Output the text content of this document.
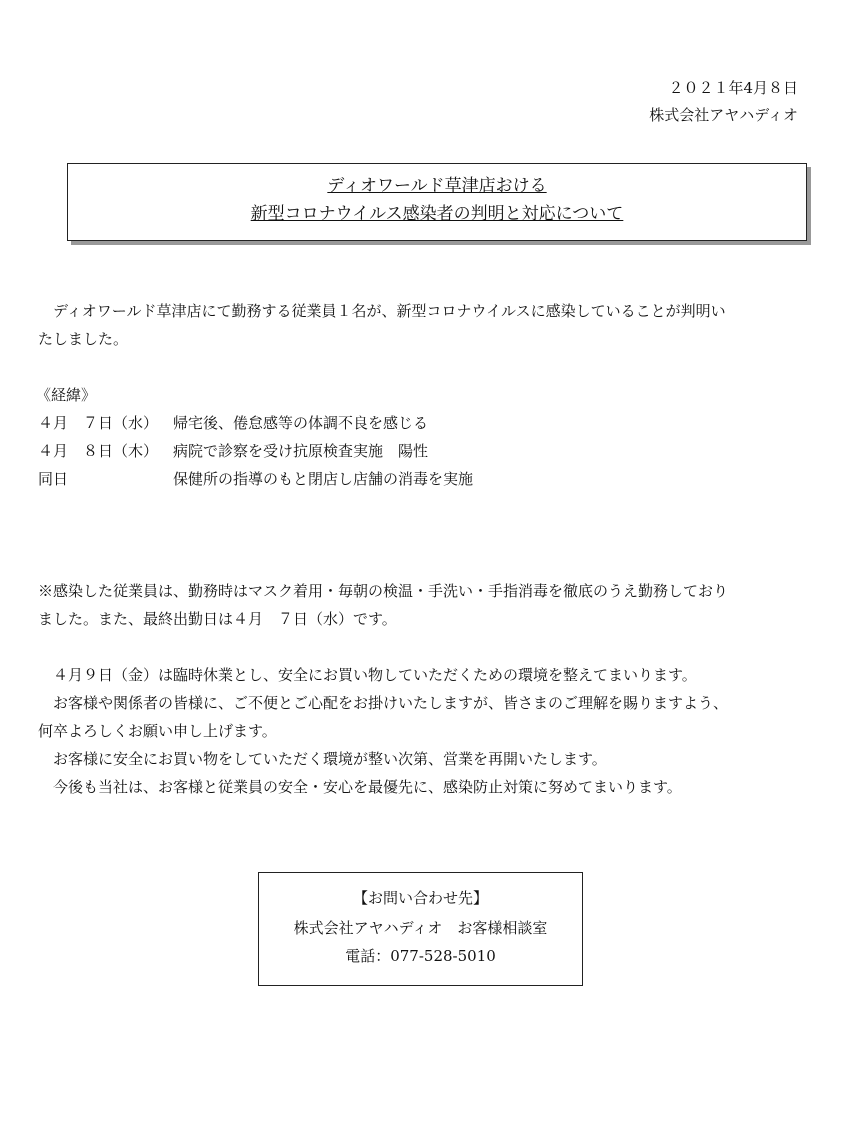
２０２１年4月８日
株式会社アヤハディオ
ディオワールド草津店おける
新型コロナウイルス感染者の判明と対応について
　ディオワールド草津店にて勤務する従業員１名が、新型コロナウイルスに感染していることが判明い
たしました。
《経緯》
４月　７日（水） 帰宅後、倦怠感等の体調不良を感じる
４月　８日（木） 病院で診察を受け抗原検査実施　陽性
同日	保健所の指導のもと閉店し店舗の消毒を実施
※感染した従業員は、勤務時はマスク着用・毎朝の検温・手洗い・手指消毒を徹底のうえ勤務しており
ました。また、最終出勤日は４月　７日（水）です。
　４月９日（金）は臨時休業とし、安全にお買い物していただくための環境を整えてまいります。
　お客様や関係者の皆様に、ご不便とご心配をお掛けいたしますが、皆さまのご理解を賜りますよう、
何卒よろしくお願い申し上げます。
　お客様に安全にお買い物をしていただく環境が整い次第、営業を再開いたします。
　今後も当社は、お客様と従業員の安全・安心を最優先に、感染防止対策に努めてまいります。
【お問い合わせ先】
株式会社アヤハディオ　お客様相談室
電話：077-528-5010
